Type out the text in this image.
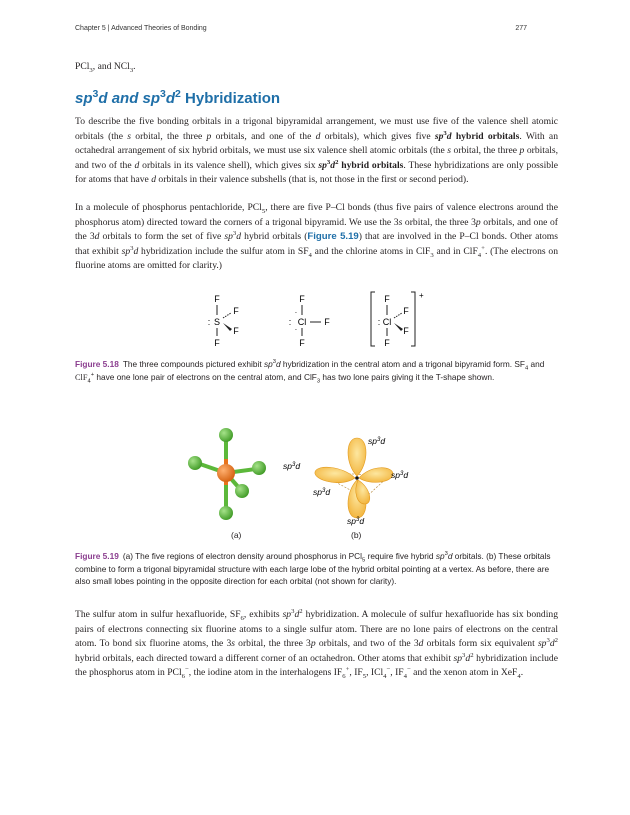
Chapter 5 | Advanced Theories of Bonding	277

PCl$_3$, and NCl$_3$.

$sp^3d$ and $sp^3d^2$ Hybridization

To describe the five bonding orbitals in a trigonal bipyramidal arrangement, we must use five of the valence shell atomic orbitals (the s orbital, the three p orbitals, and one of the d orbitals), which gives five $sp^3d$ hybrid orbitals. With an octahedral arrangement of six hybrid orbitals, we must use six valence shell atomic orbitals (the s orbital, the three p orbitals, and two of the d orbitals in its valence shell), which gives six $sp^3d^2$ hybrid orbitals. These hybridizations are only possible for atoms that have d orbitals in their valence subshells (that is, not those in the first or second period).

In a molecule of phosphorus pentachloride, PCl$_5$, there are five P–Cl bonds (thus five pairs of valence electrons around the phosphorus atom) directed toward the corners of a trigonal bipyramid. We use the 3s orbital, the three 3p orbitals, and one of the 3d orbitals to form the set of five $sp^3d$ hybrid orbitals (Figure 5.19) that are involved in the P–Cl bonds. Other atoms that exhibit $sp^3d$ hybridization include the sulfur atom in $SF_4$ and the chlorine atoms in ClF$_3$ and in ClF$_4$+. (The electrons on fluorine atoms are omitted for clarity.)

F
S
:
F
F
F
F
·
: Cl
·
F
F
+
F
: Cl
F
F
F

Figure 5.18 The three compounds pictured exhibit $sp^3d$ hybridization in the central atom and a trigonal bipyramid form. $SF_4$ and ClF$_4$+ have one lone pair of electrons on the central atom, and ClF$_3$ has two lone pairs giving it the T-shape shown.

$sp^3d$
$sp^3d$
$sp^3d$
$sp^3d$
$sp^3d$
(a)	(b)

Figure 5.19 (a) The five regions of electron density around phosphorus in PCl$_5$ require five hybrid $sp^3d$ orbitals. (b) These orbitals combine to form a trigonal bipyramidal structure with each large lobe of the hybrid orbital pointing at a vertex. As before, there are also small lobes pointing in the opposite direction for each orbital (not shown for clarity).

The sulfur atom in sulfur hexafluoride, $SF_6$, exhibits $sp^3d^2$ hybridization. A molecule of sulfur hexafluoride has six bonding pairs of electrons connecting six fluorine atoms to a single sulfur atom. There are no lone pairs of electrons on the central atom. To bond six fluorine atoms, the 3s orbital, the three 3p orbitals, and two of the 3d orbitals form six equivalent $sp^3d^2$ hybrid orbitals, each directed toward a different corner of an octahedron. Other atoms that exhibit $sp^3d^2$ hybridization include the phosphorus atom in PCl$_6$−, the iodine atom in the interhalogens $IF_6^+$, $IF_5$, ICl$_4$−, $IF_4^-$ and the xenon atom in XeF$_4$.
